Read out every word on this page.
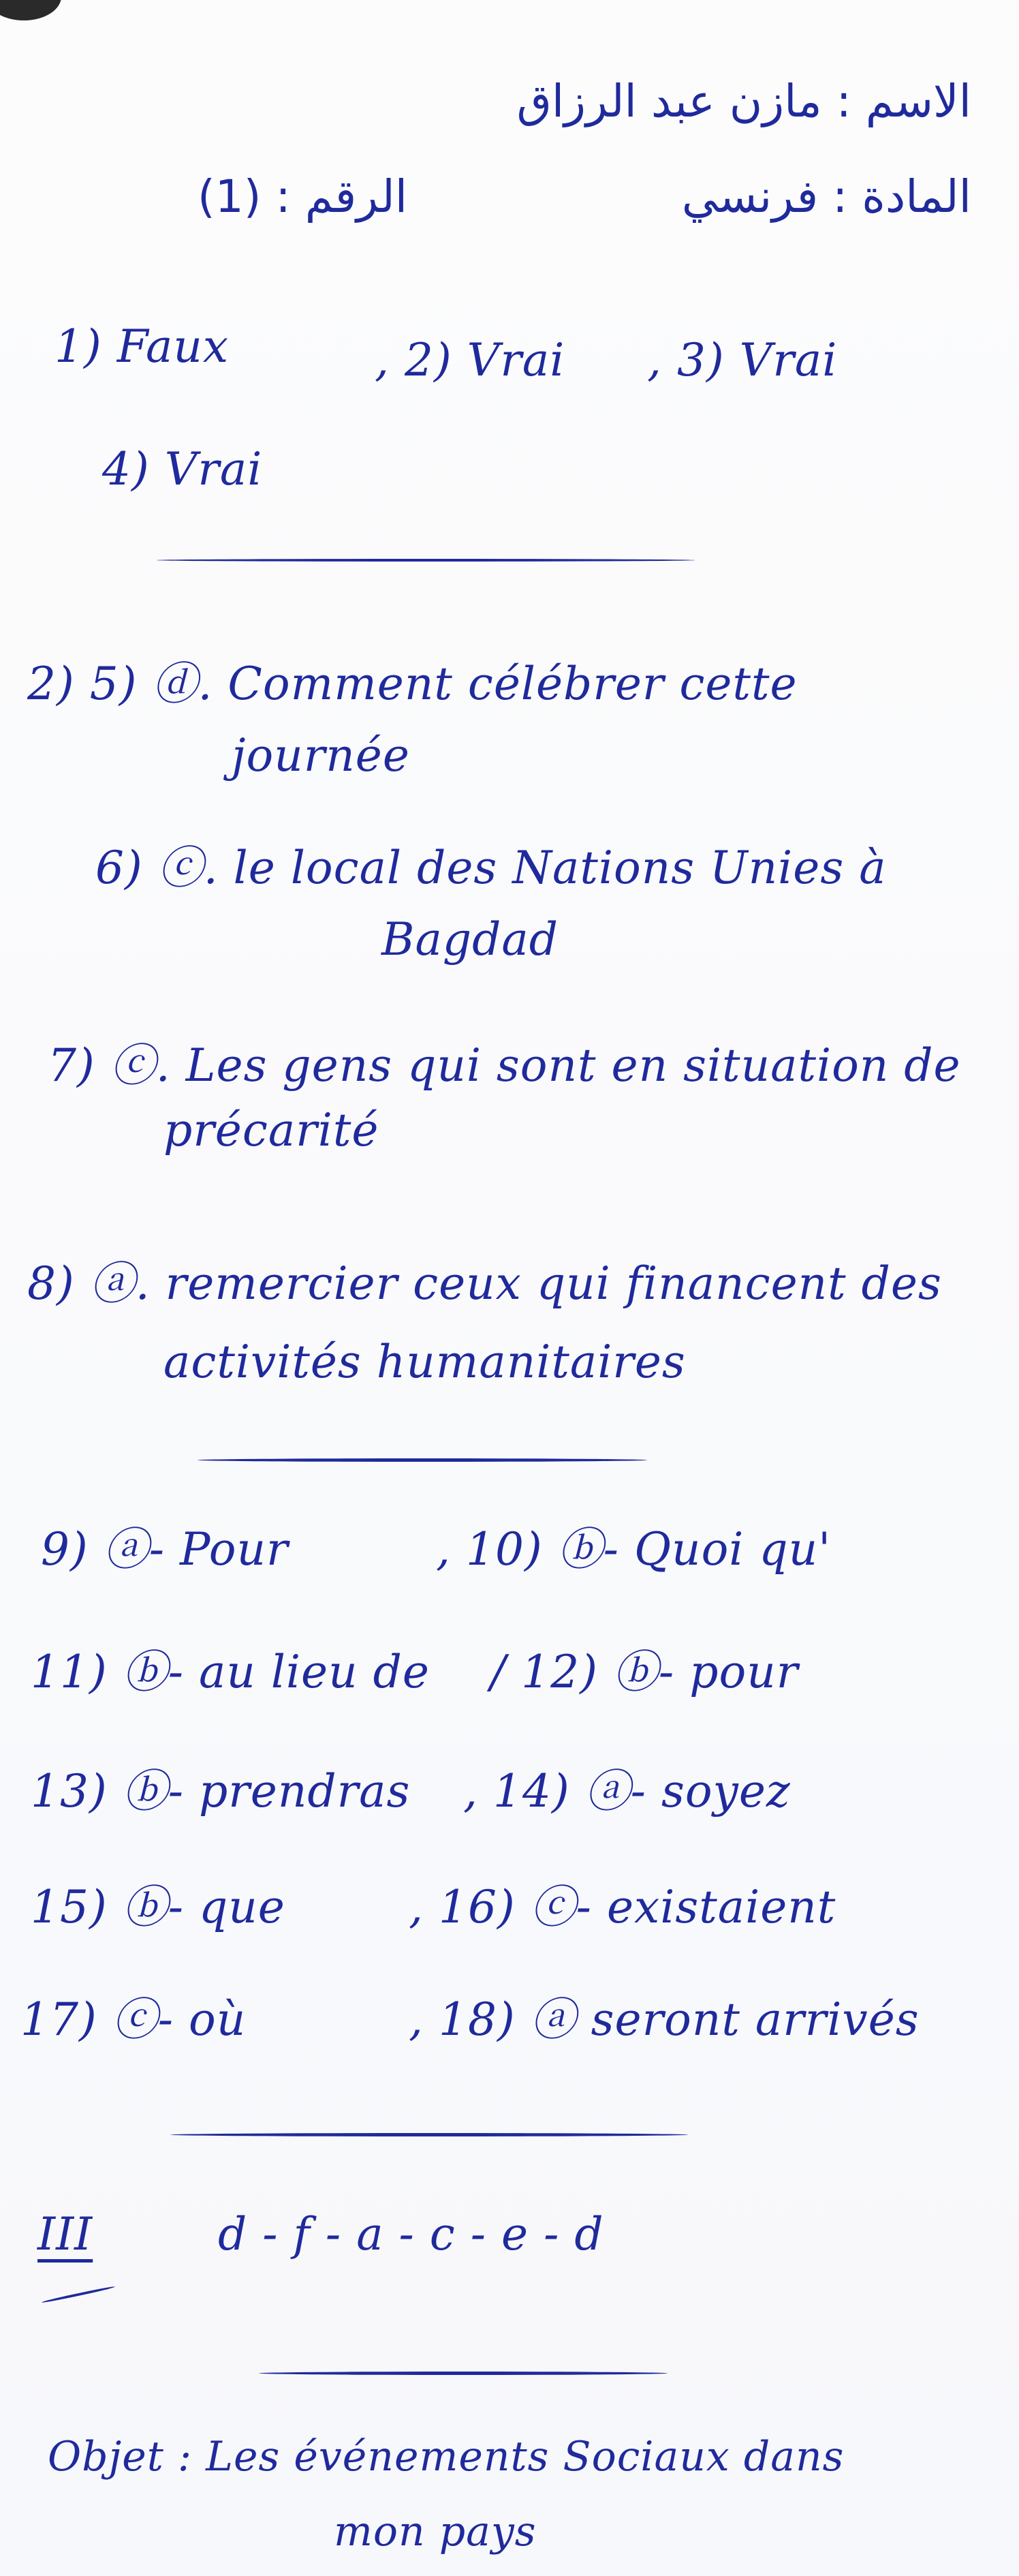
الاسم : مازن عبد الرزاق
المادة : فرنسي
الرقم : (1)
1) Faux	, 2) Vrai , 3) Vrai
4) Vrai
2) 5) ⓓ. Comment célébrer cette
journée
6) ⓒ. le local des Nations Unies à
Bagdad
7) ⓒ. Les gens qui sont en situation de
précarité
8) ⓐ. remercier ceux qui financent des
activités humanitaires
9) ⓐ- Pour	, 10) ⓑ- Quoi qu'
11) ⓑ- au lieu de / 12) ⓑ- pour
13) ⓑ- prendras , 14) ⓐ- soyez
15) ⓑ- que	, 16) ⓒ- existaient
17) ⓒ- où	, 18) ⓐ seront arrivés
III	d - f - a - c - e - d
Objet : Les événements Sociaux dans
mon pays
